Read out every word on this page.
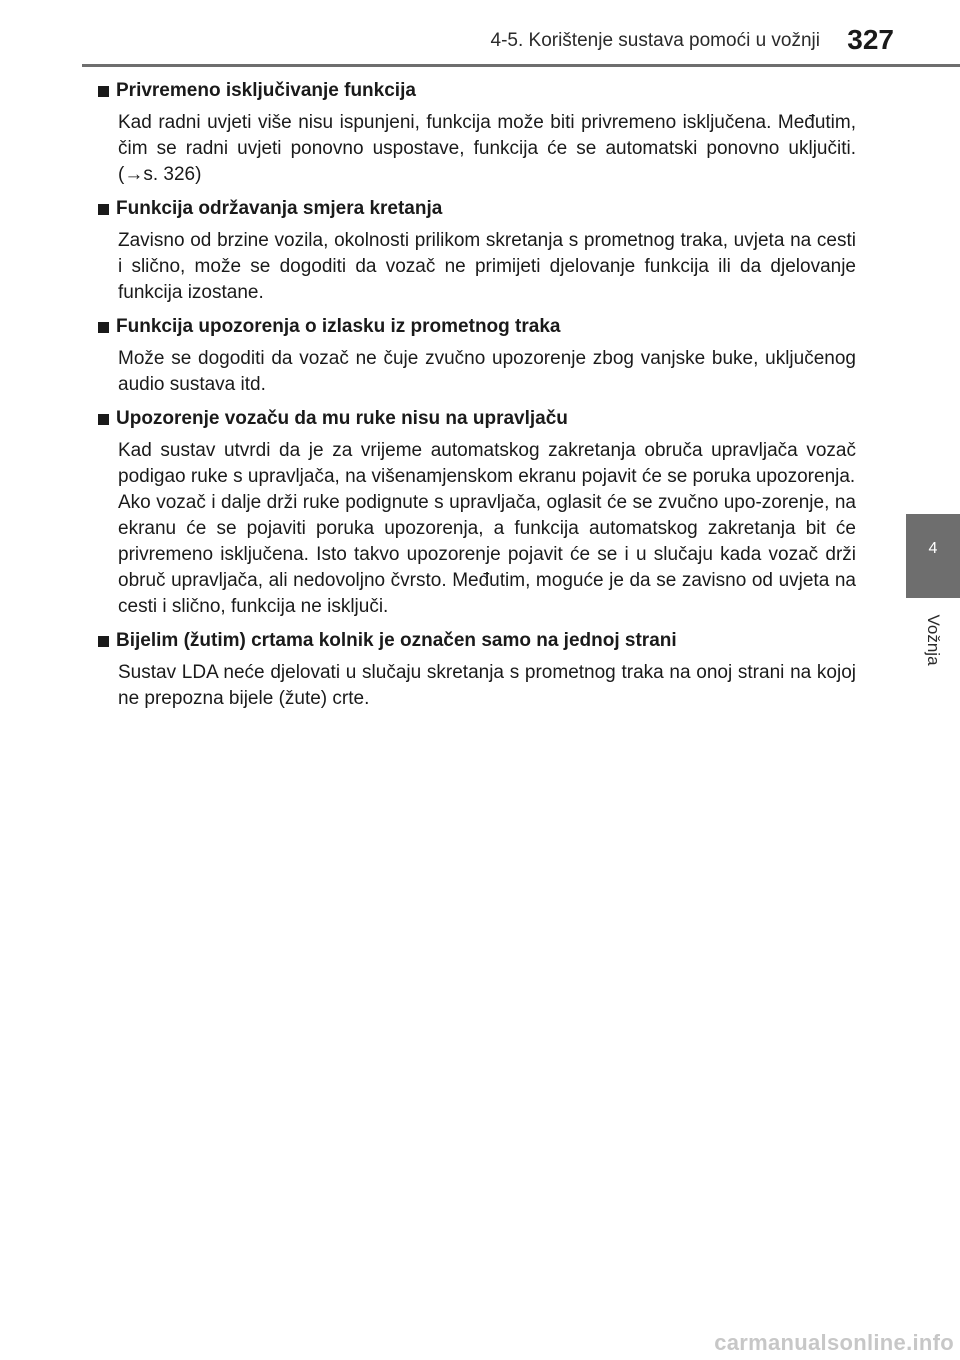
4-5. Korištenje sustava pomoći u vožnji 327
4
Vožnja
Privremeno isključivanje funkcija

Kad radni uvjeti više nisu ispunjeni, funkcija može biti privremeno isključena. Međutim, čim se radni uvjeti ponovno uspostave, funkcija će se automatski ponovno uključiti. (→s. 326)

Funkcija održavanja smjera kretanja

Zavisno od brzine vozila, okolnosti prilikom skretanja s prometnog traka, uvjeta na cesti i slično, može se dogoditi da vozač ne primijeti djelovanje funkcija ili da djelovanje funkcija izostane.

Funkcija upozorenja o izlasku iz prometnog traka

Može se dogoditi da vozač ne čuje zvučno upozorenje zbog vanjske buke, uključenog audio sustava itd.

Upozorenje vozaču da mu ruke nisu na upravljaču

Kad sustav utvrdi da je za vrijeme automatskog zakretanja obruča upravljača vozač podigao ruke s upravljača, na višenamjenskom ekranu pojavit će se poruka upozorenja.

Ako vozač i dalje drži ruke podignute s upravljača, oglasit će se zvučno upo-zorenje, na ekranu će se pojaviti poruka upozorenja, a funkcija automatskog zakretanja bit će privremeno isključena. Isto takvo upozorenje pojavit će se i u slučaju kada vozač drži obruč upravljača, ali nedovoljno čvrsto. Međutim, moguće je da se zavisno od uvjeta na cesti i slično, funkcija ne isključi.

Bijelim (žutim) crtama kolnik je označen samo na jednoj strani

Sustav LDA neće djelovati u slučaju skretanja s prometnog traka na onoj strani na kojoj ne prepozna bijele (žute) crte.

carmanualsonline.info
